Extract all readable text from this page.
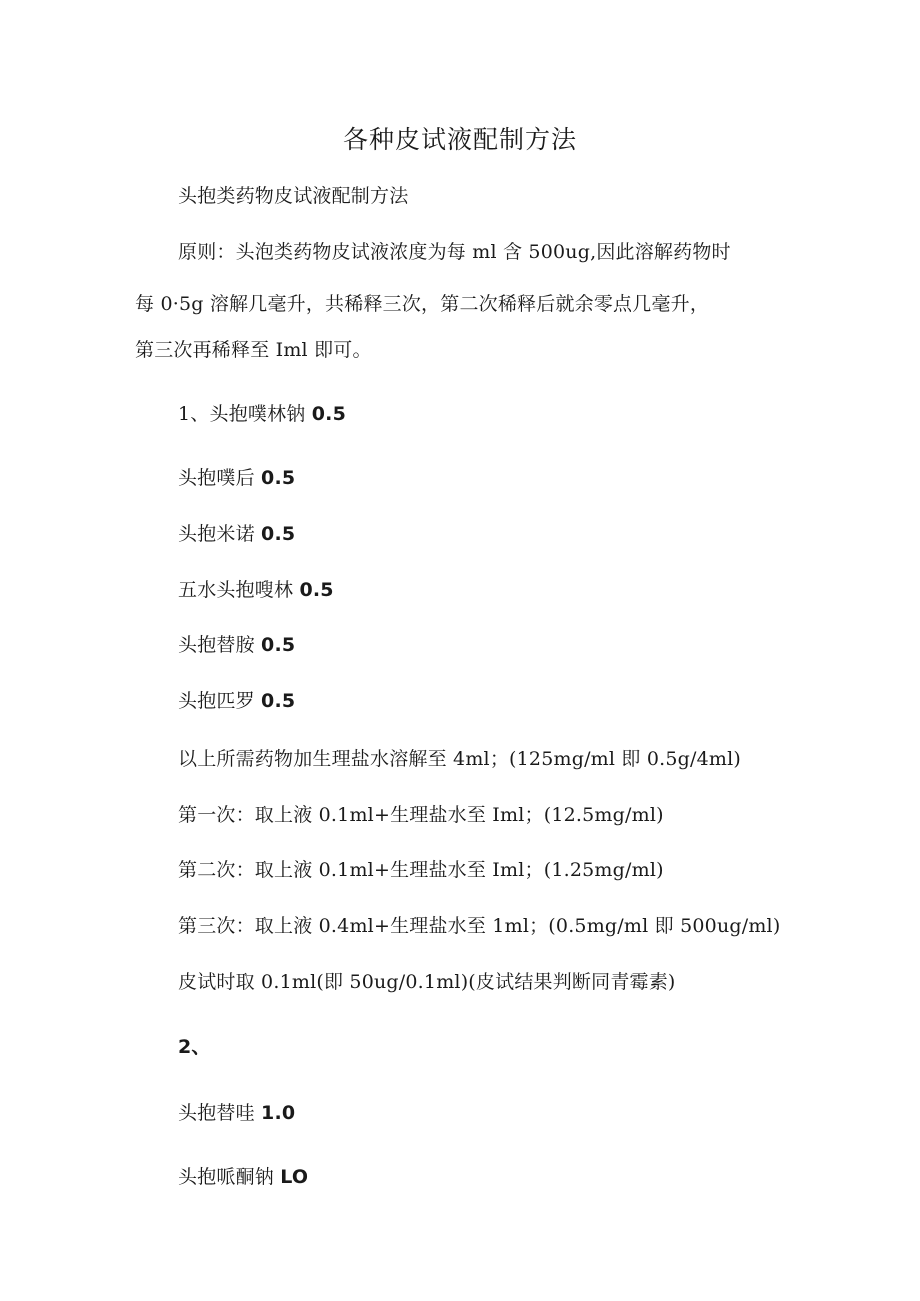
各种皮试液配制方法
头抱类药物皮试液配制方法
原则：头泡类药物皮试液浓度为每 ml 含 500ug,因此溶解药物时
每 0·5g 溶解几毫升，共稀释三次，第二次稀释后就余零点几毫升，
第三次再稀释至 Iml 即可。
1、头抱噗林钠 0.5
头抱噗后 0.5
头抱米诺 0.5
五水头抱嗖林 0.5
头抱替胺 0.5
头抱匹罗 0.5
以上所需药物加生理盐水溶解至 4ml；(125mg/ml 即 0.5g/4ml)
第一次：取上液 0.1ml+生理盐水至 Iml；(12.5mg/ml)
第二次：取上液 0.1ml+生理盐水至 Iml；(1.25mg/ml)
第三次：取上液 0.4ml+生理盐水至 1ml；(0.5mg/ml 即 500ug/ml)
皮试时取 0.1ml(即 50ug/0.1ml)(皮试结果判断同青霉素)
2、
头抱替哇 1.0
头抱哌酮钠 LO
